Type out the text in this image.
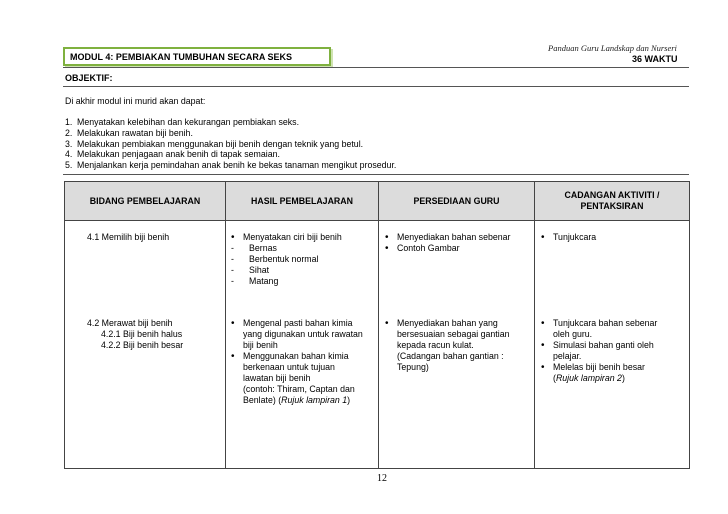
Panduan Guru Landskap dan Nurseri
MODUL 4: PEMBIAKAN TUMBUHAN SECARA SEKS	36 WAKTU
OBJEKTIF:
Di akhir modul ini murid akan dapat:
1. Menyatakan kelebihan dan kekurangan pembiakan seks.
2. Melakukan rawatan biji benih.
3. Melakukan pembiakan menggunakan biji benih dengan teknik yang betul.
4. Melakukan penjagaan anak benih di tapak semaian.
5. Menjalankan kerja pemindahan anak benih ke bekas tanaman mengikut prosedur.
BIDANG PEMBELAJARAN	HASIL PEMBELAJARAN	PERSEDIAAN GURU
CADANGAN AKTIVITI / PENTAKSIRAN
4.1 Memilih biji benih
•	Menyatakan ciri biji benih
- Bernas
- Berbentuk normal
- Sihat
- Matang
• Menyediakan bahan sebenar
• Contoh Gambar
• Tunjukcara
4.2 Merawat biji benih
4.2.1 Biji benih halus
4.2.2 Biji benih besar
• Mengenal pasti bahan kimia
yang digunakan untuk rawatan
biji benih
• Menggunakan bahan kimia
berkenaan untuk tujuan
lawatan biji benih
(contoh: Thiram, Captan dan
Benlate) (Rujuk lampiran 1)
• Menyediakan bahan yang
bersesuaian sebagai gantian
kepada racun kulat.
(Cadangan bahan gantian :
Tepung)
• Tunjukcara bahan sebenar
oleh guru.
• Simulasi bahan ganti oleh
pelajar.
• Melelas biji benih besar
(Rujuk lampiran 2)
12
